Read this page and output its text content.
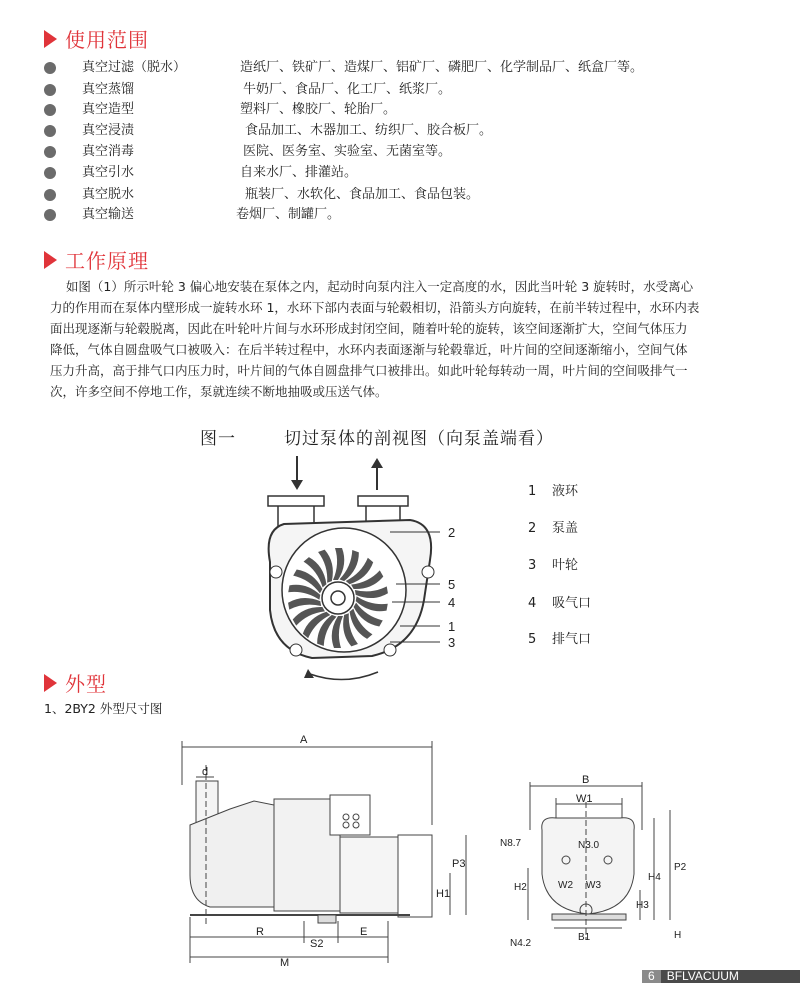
使用范围
真空过滤（脱水）	造纸厂、铁矿厂、造煤厂、铝矿厂、磷肥厂、化学制品厂、纸盒厂等。
真空蒸馏	牛奶厂、食品厂、化工厂、纸浆厂。
真空造型	塑料厂、橡胶厂、轮胎厂。
真空浸渍	食品加工、木器加工、纺织厂、胶合板厂。
真空消毒	医院、医务室、实验室、无菌室等。
真空引水	自来水厂、排灌站。
真空脱水	瓶装厂、水软化、食品加工、食品包装。
真空输送	卷烟厂、制罐厂。
工作原理
如图（1）所示叶轮 3 偏心地安装在泵体之内，起动时向泵内注入一定高度的水，因此当叶轮 3 旋转时，水受离心
力的作用而在泵体内壁形成一旋转水环 1，水环下部内表面与轮毂相切，沿箭头方向旋转，在前半转过程中，水环内表
面出现逐渐与轮毂脱离，因此在叶轮叶片间与水环形成封闭空间，随着叶轮的旋转，该空间逐渐扩大，空间气体压力
降低，气体自圆盘吸气口被吸入：在后半转过程中，水环内表面逐渐与轮毂靠近，叶片间的空间逐渐缩小，空间气体
压力升高，高于排气口内压力时，叶片间的气体自圆盘排气口被排出。如此叶轮每转动一周，叶片间的空间吸排气一
次，许多空间不停地工作，泵就连续不断地抽吸或压送气体。
图一	切过泵体的剖视图（向泵盖端看）
2
5
4
1
3
1 液环
2 泵盖
3 叶轮
4 吸气口
5 排气口
外型
1、2BY2 外型尺寸图
A
d
P3
H1
R
S2
E
M
B
W1
N8.7	N3.0
H2	W2 W3
H4
P2
H3
B1
N4.2
H
6	BFLVACUUM
